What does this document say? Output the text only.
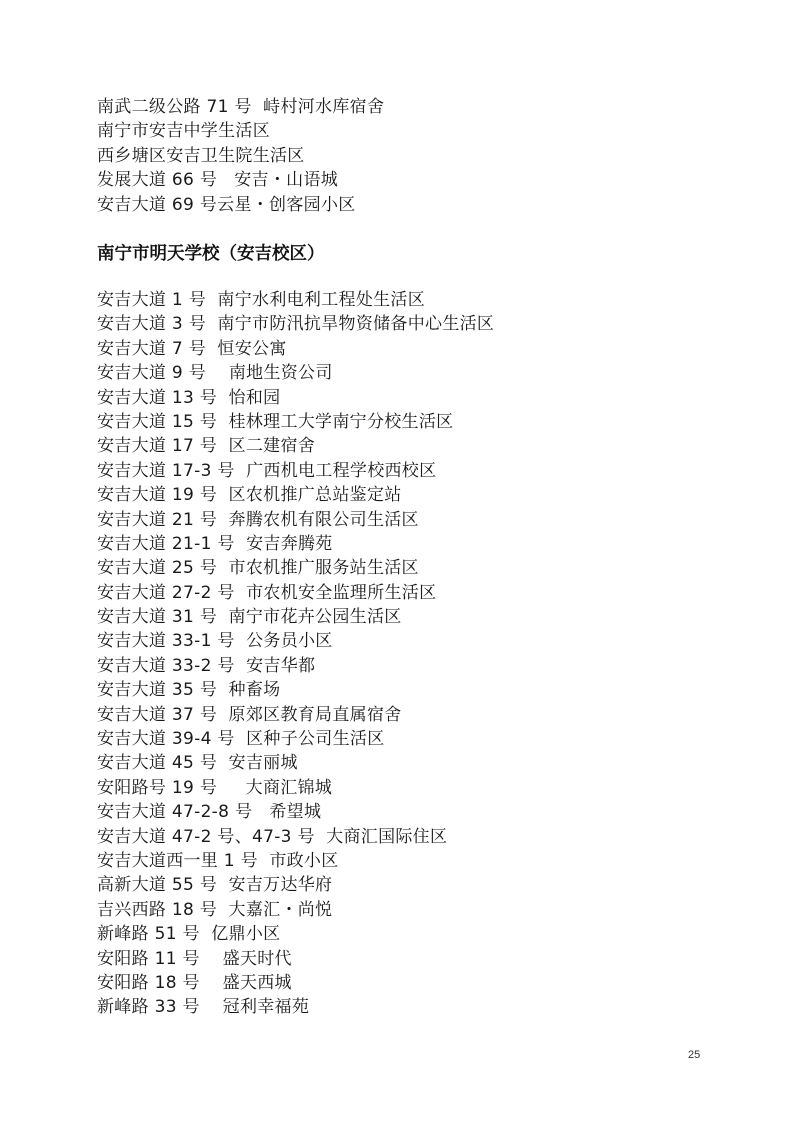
南武二级公路 71 号  峙村河水库宿舍

南宁市安吉中学生活区

西乡塘区安吉卫生院生活区

发展大道 66 号   安吉・山语城

安吉大道 69 号云星・创客园小区

南宁市明天学校（安吉校区）

安吉大道 1 号  南宁水利电利工程处生活区

安吉大道 3 号  南宁市防汛抗旱物资储备中心生活区

安吉大道 7 号  恒安公寓

安吉大道 9 号    南地生资公司

安吉大道 13 号  怡和园

安吉大道 15 号  桂林理工大学南宁分校生活区

安吉大道 17 号  区二建宿舍

安吉大道 17-3 号  广西机电工程学校西校区

安吉大道 19 号  区农机推广总站鉴定站

安吉大道 21 号  奔腾农机有限公司生活区

安吉大道 21-1 号  安吉奔腾苑

安吉大道 25 号  市农机推广服务站生活区

安吉大道 27-2 号  市农机安全监理所生活区

安吉大道 31 号  南宁市花卉公园生活区

安吉大道 33-1 号  公务员小区

安吉大道 33-2 号  安吉华都

安吉大道 35 号  种畜场

安吉大道 37 号  原郊区教育局直属宿舍

安吉大道 39-4 号  区种子公司生活区

安吉大道 45 号  安吉丽城

安阳路号 19 号     大商汇锦城

安吉大道 47-2-8 号   希望城

安吉大道 47-2 号、47-3 号  大商汇国际住区

安吉大道西一里 1 号  市政小区

高新大道 55 号  安吉万达华府

吉兴西路 18 号  大嘉汇・尚悦

新峰路 51 号  亿鼎小区

安阳路 11 号    盛天时代

安阳路 18 号    盛天西城

新峰路 33 号    冠利幸福苑

25
